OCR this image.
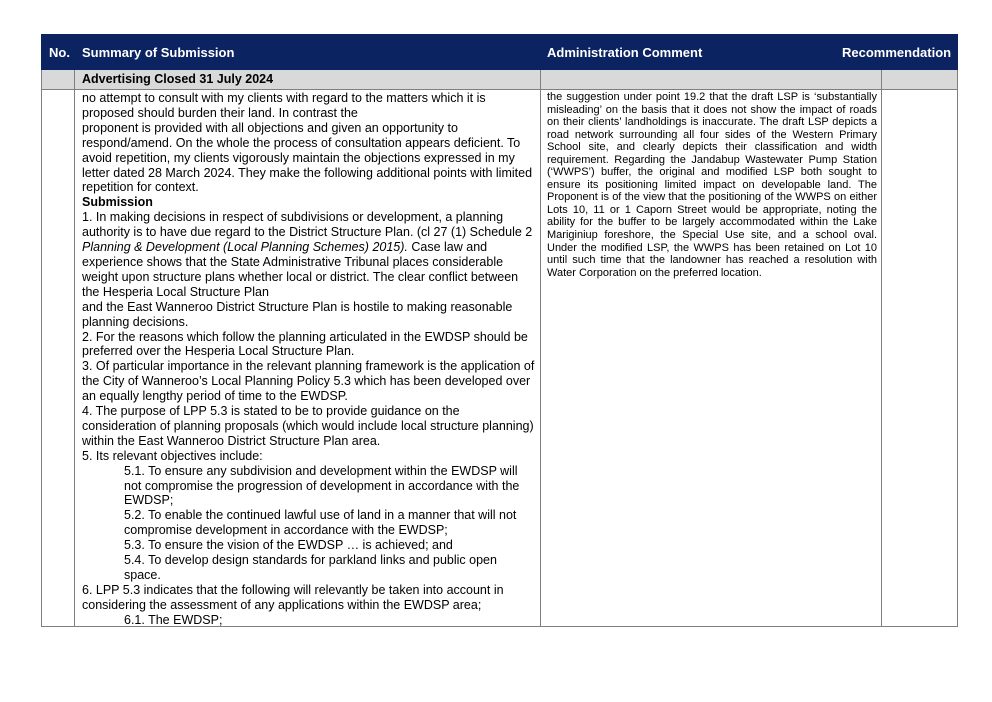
No. Summary of Submission	Administration Comment	Recommendation
Advertising Closed 31 July 2024
no attempt to consult with my clients with regard to the matters which it is proposed should burden their land. In contrast the
proponent is provided with all objections and given an opportunity to respond/amend. On the whole the process of consultation appears deficient. To avoid repetition, my clients vigorously maintain the objections expressed in my letter dated 28 March 2024. They make the following additional points with limited repetition for context.
Submission
1. In making decisions in respect of subdivisions or development, a planning authority is to have due regard to the District Structure Plan. (cl 27 (1) Schedule 2 Planning & Development (Local Planning Schemes) 2015). Case law and experience shows that the State Administrative Tribunal places considerable weight upon structure plans whether local or district. The clear conflict between the Hesperia Local Structure Plan
and the East Wanneroo District Structure Plan is hostile to making reasonable planning decisions.
2. For the reasons which follow the planning articulated in the EWDSP should be preferred over the Hesperia Local Structure Plan.
3. Of particular importance in the relevant planning framework is the application of the City of Wanneroo’s Local Planning Policy 5.3 which has been developed over an equally lengthy period of time to the EWDSP.
4. The purpose of LPP 5.3 is stated to be to provide guidance on the consideration of planning proposals (which would include local structure planning) within the East Wanneroo District Structure Plan area.
5. Its relevant objectives include:
5.1. To ensure any subdivision and development within the EWDSP will not compromise the progression of development in accordance with the EWDSP;
5.2. To enable the continued lawful use of land in a manner that will not compromise development in accordance with the EWDSP;
5.3. To ensure the vision of the EWDSP … is achieved; and
5.4. To develop design standards for parkland links and public open space.
6. LPP 5.3 indicates that the following will relevantly be taken into account in considering the assessment of any applications within the EWDSP area;
6.1. The EWDSP;
the suggestion under point 19.2 that the draft LSP is ‘substantially misleading’ on the basis that it does not show the impact of roads on their clients’ landholdings is inaccurate. The draft LSP depicts a road network surrounding all four sides of the Western Primary School site, and clearly depicts their classification and width requirement. Regarding the Jandabup Wastewater Pump Station (‘WWPS’) buffer, the original and modified LSP both sought to ensure its positioning limited impact on developable land. The Proponent is of the view that the positioning of the WWPS on either Lots 10, 11 or 1 Caporn Street would be appropriate, noting the ability for the buffer to be largely accommodated within the Lake Mariginiup foreshore, the Special Use site, and a school oval. Under the modified LSP, the WWPS has been retained on Lot 10 until such time that the landowner has reached a resolution with Water Corporation on the preferred location.
